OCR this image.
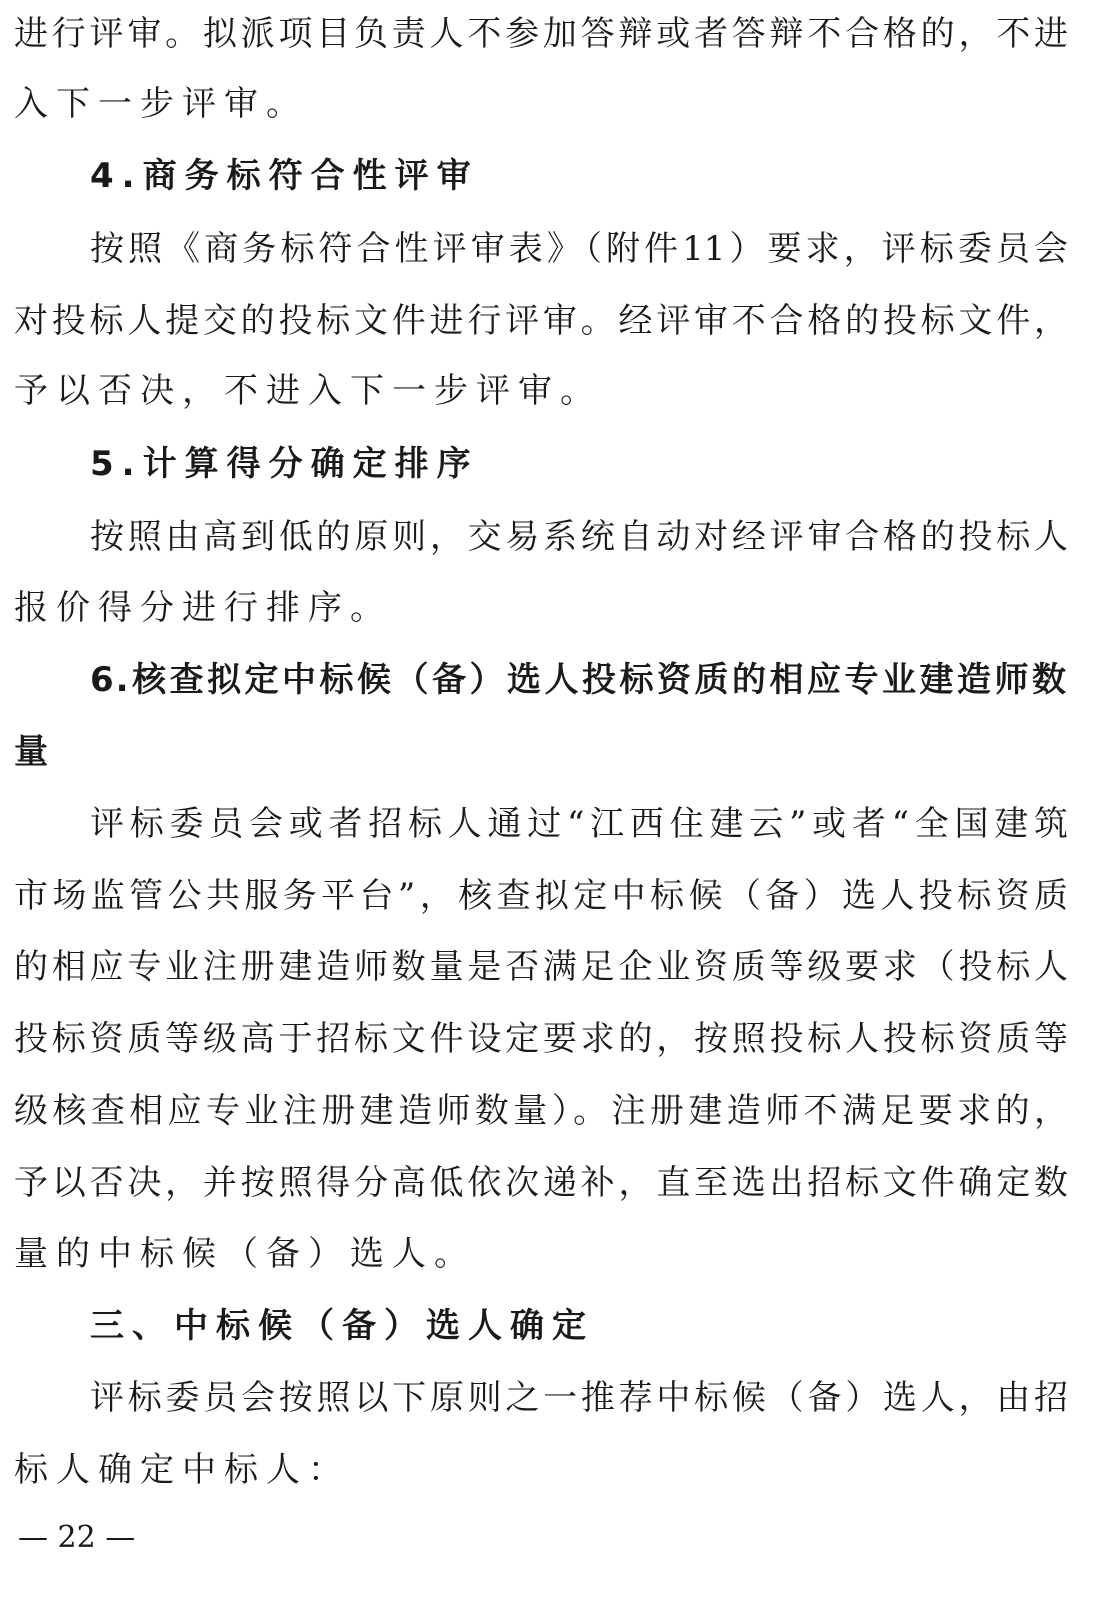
进行评审。拟派项目负责人不参加答辩或者答辩不合格的，不进
入下一步评审。
4.商务标符合性评审
按照《商务标符合性评审表》（附件11）要求，评标委员会
对投标人提交的投标文件进行评审。经评审不合格的投标文件，
予以否决，不进入下一步评审。
5.计算得分确定排序
按照由高到低的原则，交易系统自动对经评审合格的投标人
报价得分进行排序。
6.核查拟定中标候（备）选人投标资质的相应专业建造师数
量
评标委员会或者招标人通过“江西住建云”或者“全国建筑
市场监管公共服务平台”，核查拟定中标候（备）选人投标资质
的相应专业注册建造师数量是否满足企业资质等级要求（投标人
投标资质等级高于招标文件设定要求的，按照投标人投标资质等
级核查相应专业注册建造师数量）。注册建造师不满足要求的，
予以否决，并按照得分高低依次递补，直至选出招标文件确定数
量的中标候（备）选人。
三、中标候（备）选人确定
评标委员会按照以下原则之一推荐中标候（备）选人，由招
标人确定中标人：
— 22 —
